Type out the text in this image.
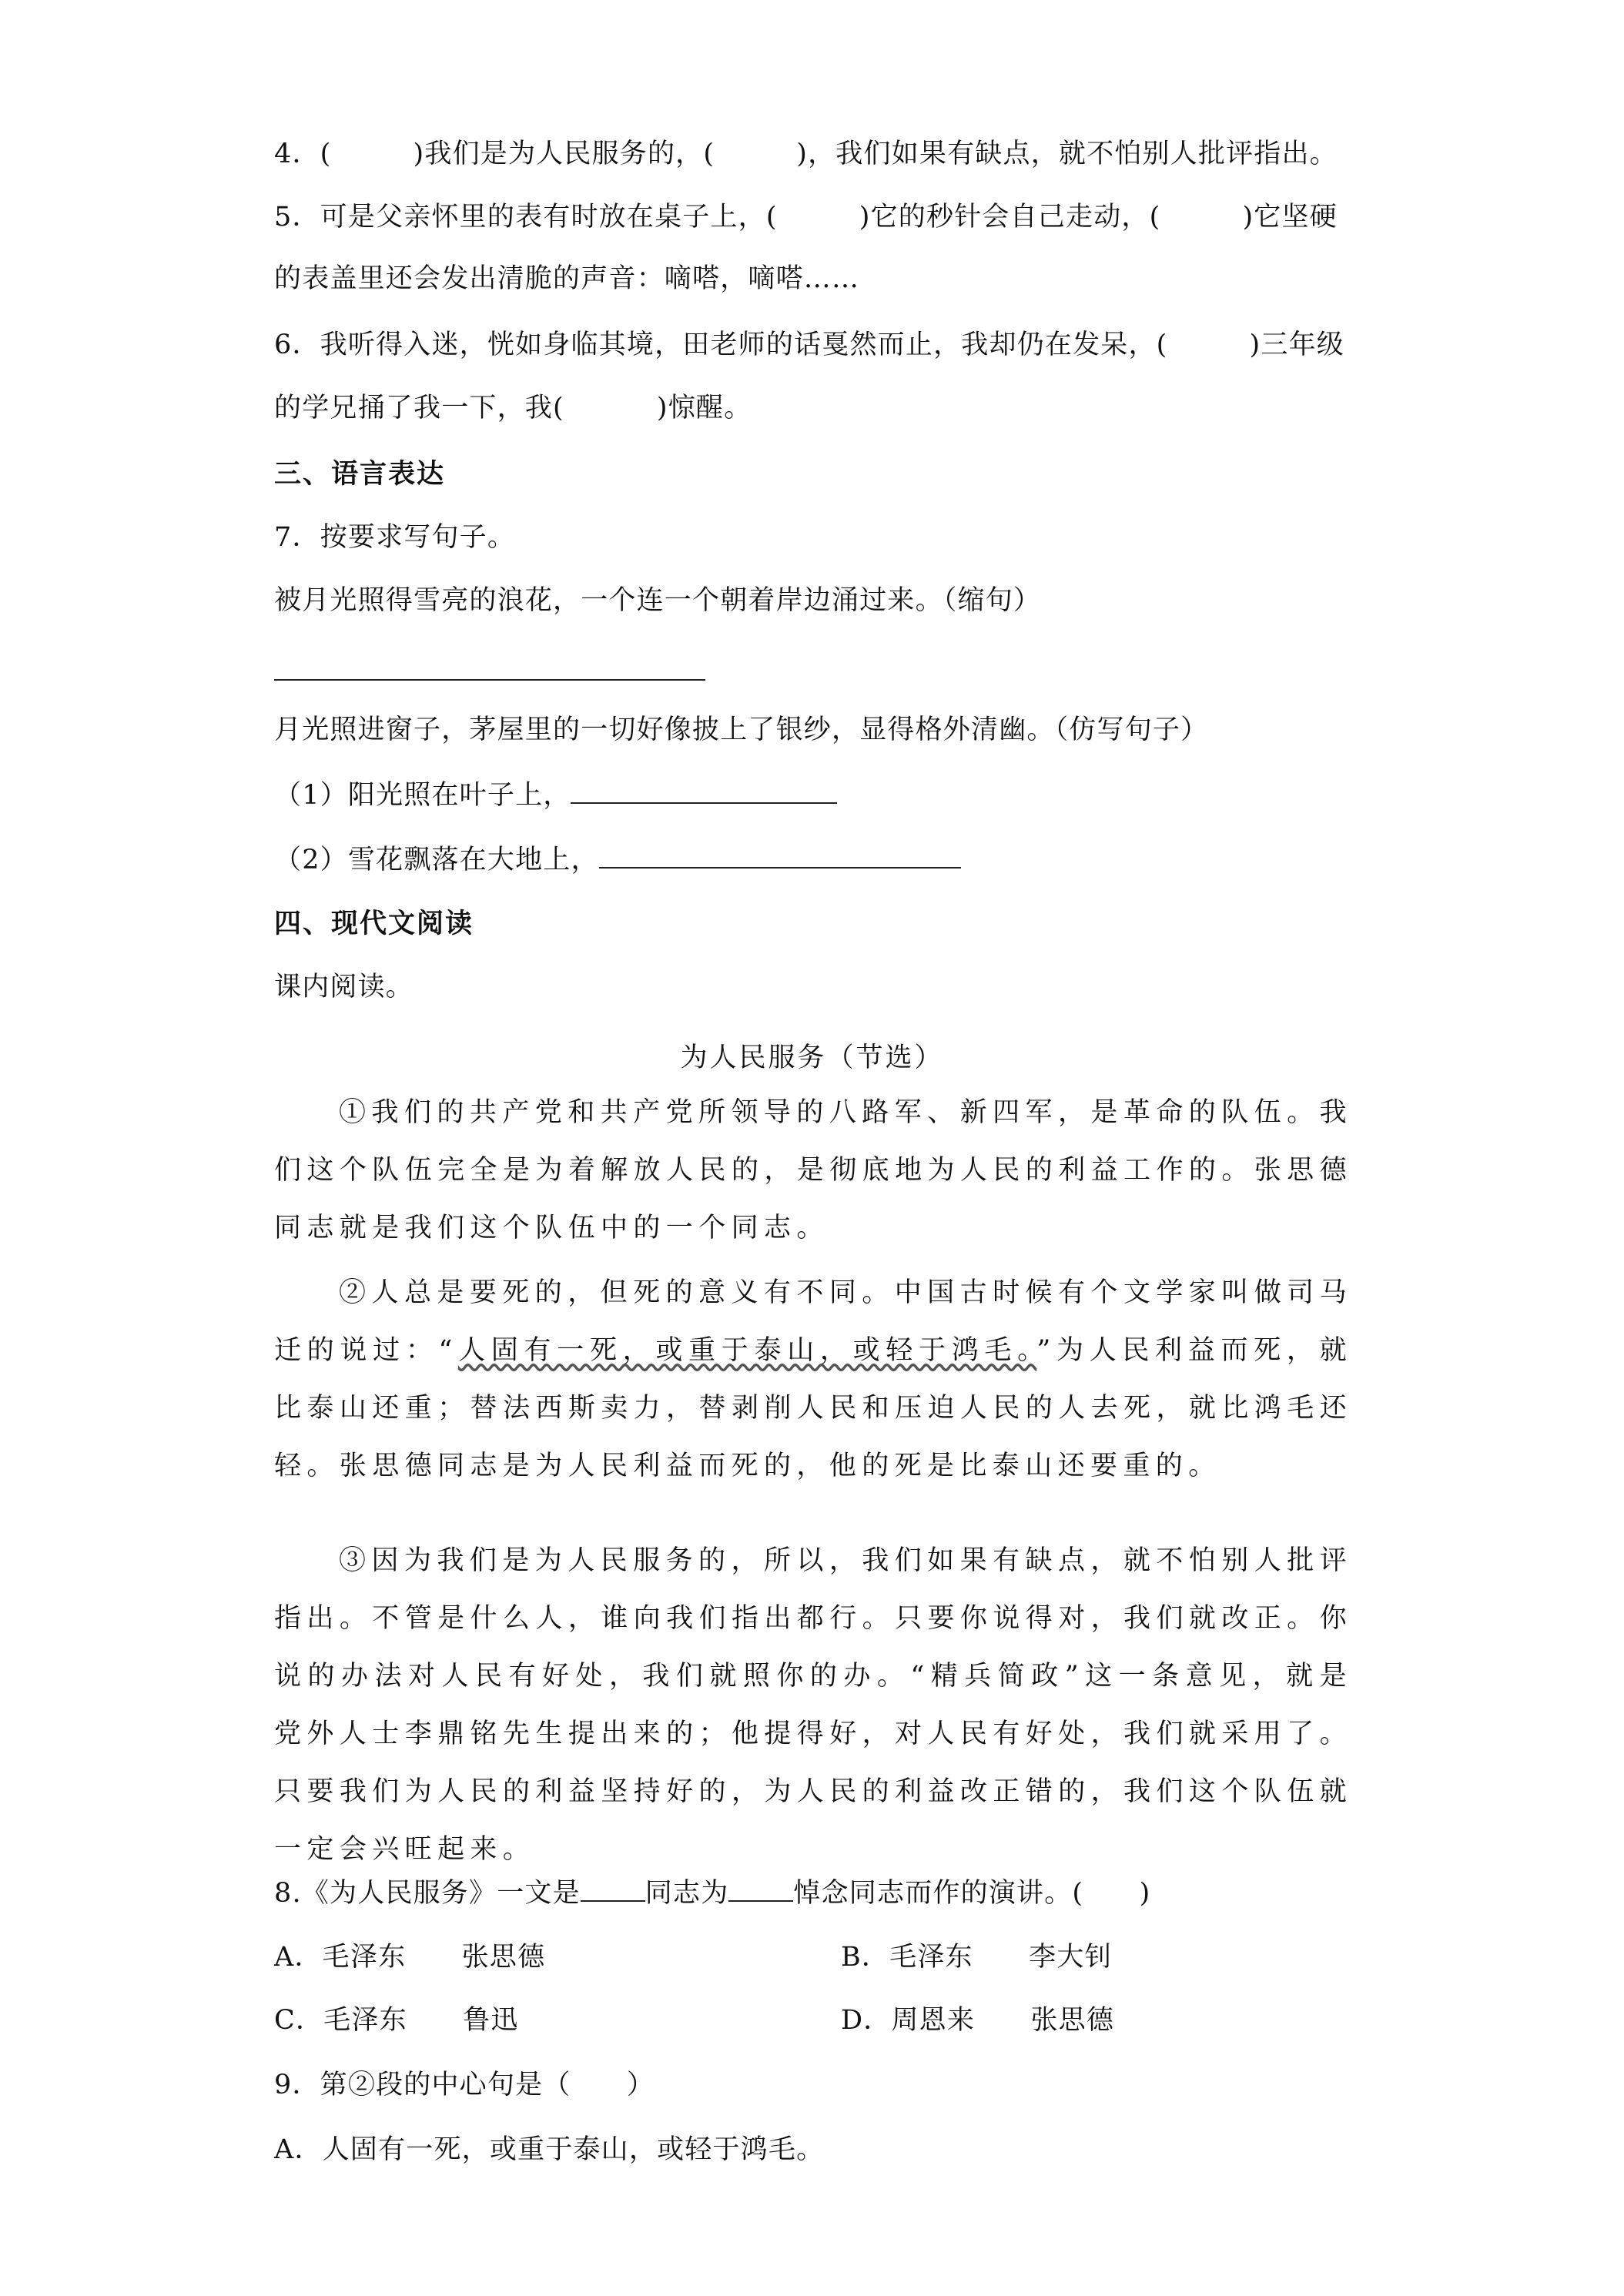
4．(	)我们是为人民服务的，(	)，我们如果有缺点，就不怕别人批评指出。
5．可是父亲怀里的表有时放在桌子上，(	)它的秒针会自己走动，(	)它坚硬
的表盖里还会发出清脆的声音：嘀嗒，嘀嗒……
6．我听得入迷，恍如身临其境，田老师的话戛然而止，我却仍在发呆，(	)三年级
的学兄捅了我一下，我(	)惊醒。
三、语言表达
7．按要求写句子。
被月光照得雪亮的浪花，一个连一个朝着岸边涌过来。（缩句）
月光照进窗子，茅屋里的一切好像披上了银纱，显得格外清幽。（仿写句子）
（1）阳光照在叶子上，
（2）雪花飘落在大地上，
四、现代文阅读
课内阅读。
为人民服务（节选）
①我们的共产党和共产党所领导的八路军、新四军，是革命的队伍。我们这个队伍完全是为着解放人民的，是彻底地为人民的利益工作的。张思德同志就是我们这个队伍中的一个同志。
②人总是要死的，但死的意义有不同。中国古时候有个文学家叫做司马迁的说过：“人固有一死，或重于泰山，或轻于鸿毛。”为人民利益而死，就比泰山还重；替法西斯卖力，替剥削人民和压迫人民的人去死，就比鸿毛还轻。张思德同志是为人民利益而死的，他的死是比泰山还要重的。
③因为我们是为人民服务的，所以，我们如果有缺点，就不怕别人批评指出。不管是什么人，谁向我们指出都行。只要你说得对，我们就改正。你说的办法对人民有好处，我们就照你的办。“精兵简政”这一条意见，就是党外人士李鼎铭先生提出来的；他提得好，对人民有好处，我们就采用了。只要我们为人民的利益坚持好的，为人民的利益改正错的，我们这个队伍就一定会兴旺起来。
8.《为人民服务》一文是 同志为 悼念同志而作的演讲。(　　)
A．毛泽东　　张思德	B．毛泽东　　李大钊
C．毛泽东　　鲁迅	D．周恩来　　张思德
9．第②段的中心句是（　　）
A．人固有一死，或重于泰山，或轻于鸿毛。
